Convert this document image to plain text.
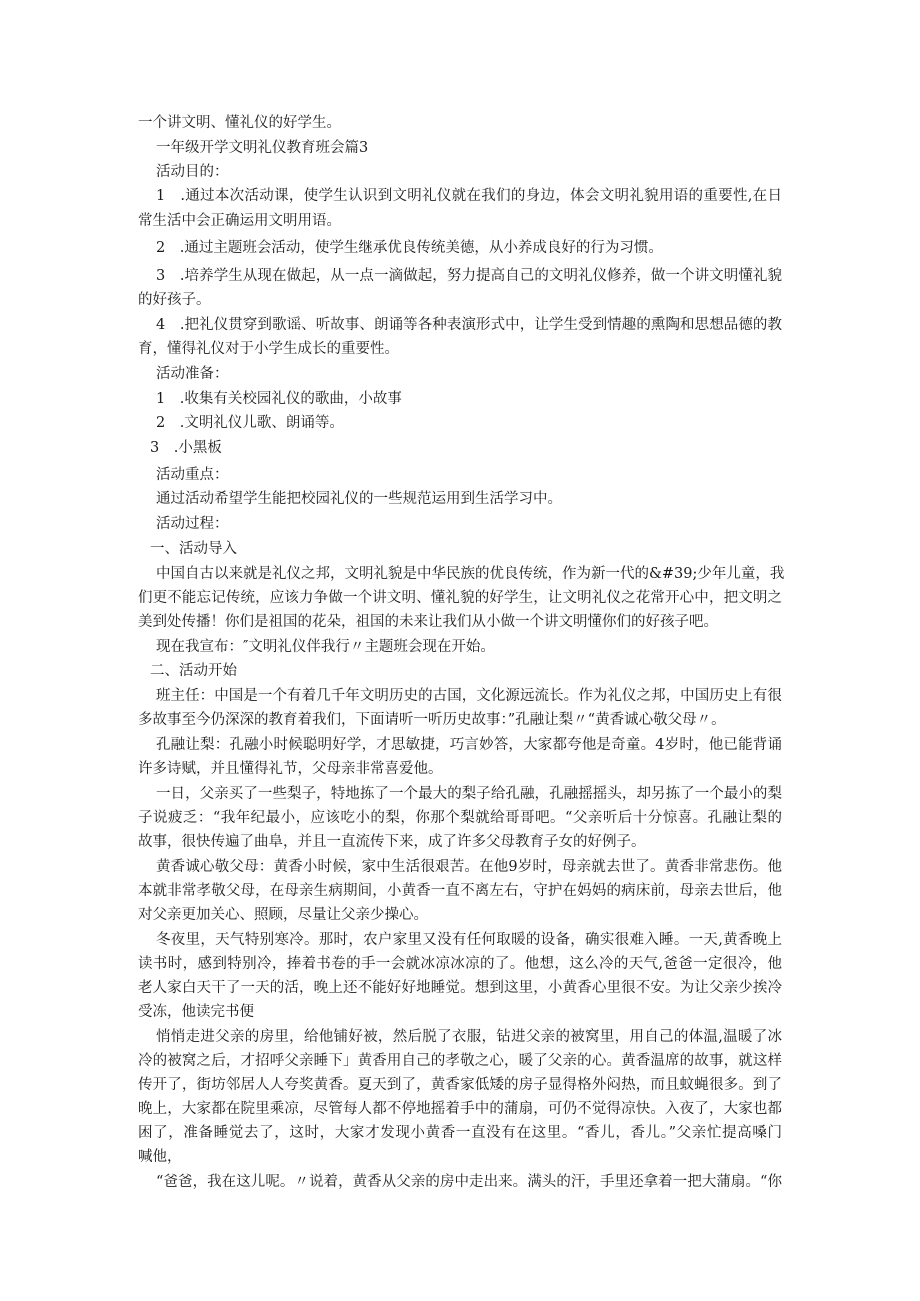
一个讲文明、懂礼仪的好学生。
一年级开学文明礼仪教育班会篇3
活动目的：
1　.通过本次活动课，使学生认识到文明礼仪就在我们的身边，体会文明礼貌用语的重要性,在日
常生活中会正确运用文明用语。
2　.通过主题班会活动，使学生继承优良传统美德，从小养成良好的行为习惯。
3　.培养学生从现在做起，从一点一滴做起，努力提高自己的文明礼仪修养，做一个讲文明懂礼貌
的好孩子。
4　.把礼仪贯穿到歌谣、听故事、朗诵等各种表演形式中，让学生受到情趣的熏陶和思想品德的教
育，懂得礼仪对于小学生成长的重要性。
活动准备：
1　.收集有关校园礼仪的歌曲，小故事
2　.文明礼仪儿歌、朗诵等。
3　.小黑板
活动重点：
通过活动希望学生能把校园礼仪的一些规范运用到生活学习中。
活动过程：
一、活动导入
中国自古以来就是礼仪之邦，文明礼貌是中华民族的优良传统，作为新一代的&#39;少年儿童，我
们更不能忘记传统，应该力争做一个讲文明、懂礼貌的好学生，让文明礼仪之花常开心中，把文明之
美到处传播！你们是祖国的花朵，祖国的未来让我们从小做一个讲文明懂你们的好孩子吧。
现在我宣布：″文明礼仪伴我行〃主题班会现在开始。
二、活动开始
班主任：中国是一个有着几千年文明历史的古国，文化源远流长。作为礼仪之邦，中国历史上有很
多故事至今仍深深的教育着我们，下面请听一听历史故事：”孔融让梨〃“黄香诚心敬父母〃。
孔融让梨：孔融小时候聪明好学，才思敏捷，巧言妙答，大家都夸他是奇童。4岁时，他已能背诵
许多诗赋，并且懂得礼节，父母亲非常喜爱他。
一日，父亲买了一些梨子，特地拣了一个最大的梨子给孔融，孔融摇摇头，却另拣了一个最小的梨
子说疲乏：“我年纪最小，应该吃小的梨，你那个梨就给哥哥吧。“父亲听后十分惊喜。孔融让梨的
故事，很快传遍了曲阜，并且一直流传下来，成了许多父母教育子女的好例子。
黄香诚心敬父母：黄香小时候，家中生活很艰苦。在他9岁时，母亲就去世了。黄香非常悲伤。他
本就非常孝敬父母，在母亲生病期间，小黄香一直不离左右，守护在妈妈的病床前，母亲去世后，他
对父亲更加关心、照顾，尽量让父亲少操心。
冬夜里，天气特别寒冷。那时，农户家里又没有任何取暖的设备，确实很难入睡。一天,黄香晚上
读书时，感到特别冷，捧着书卷的手一会就冰凉冰凉的了。他想，这么冷的天气,爸爸一定很冷，他
老人家白天干了一天的活，晚上还不能好好地睡觉。想到这里，小黄香心里很不安。为让父亲少挨冷
受冻，他读完书便
悄悄走进父亲的房里，给他铺好被，然后脱了衣服，钻进父亲的被窝里，用自己的体温,温暖了冰
冷的被窝之后，才招呼父亲睡下」黄香用自己的孝敬之心，暖了父亲的心。黄香温席的故事，就这样
传开了，街坊邻居人人夸奖黄香。夏天到了，黄香家低矮的房子显得格外闷热，而且蚊蝇很多。到了
晚上，大家都在院里乘凉，尽管每人都不停地摇着手中的蒲扇，可仍不觉得凉快。入夜了，大家也都
困了，准备睡觉去了，这时，大家才发现小黄香一直没有在这里。“香儿，香儿。”父亲忙提高嗓门
喊他，
“爸爸，我在这儿呢。〃说着，黄香从父亲的房中走出来。满头的汗，手里还拿着一把大蒲扇。“你
